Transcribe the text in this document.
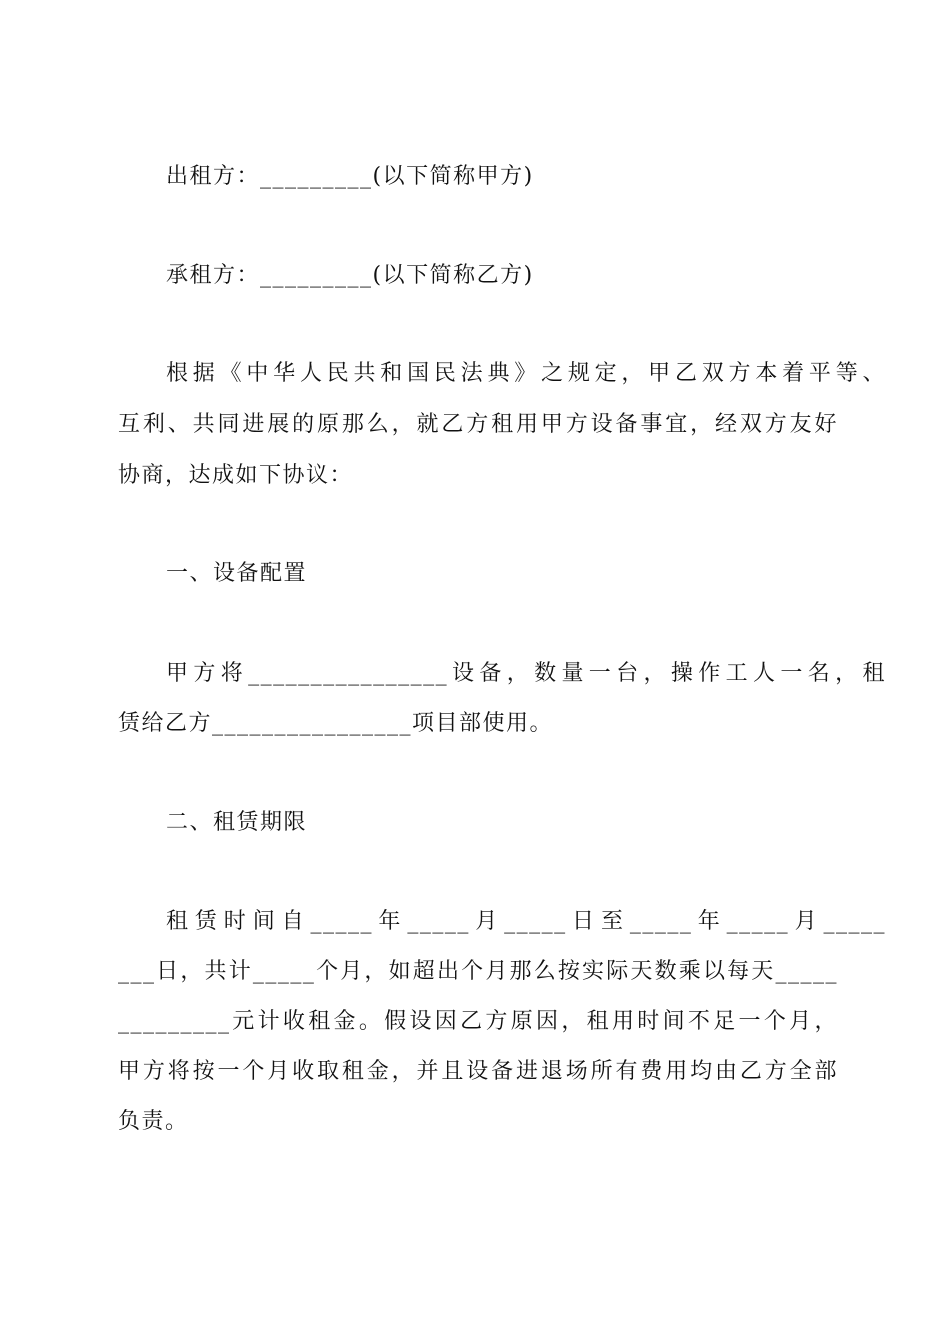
出租方：_________(以下简称甲方)
承租方：_________(以下简称乙方)
根据《中华人民共和国民法典》之规定，甲乙双方本着平等、
互利、共同进展的原那么，就乙方租用甲方设备事宜，经双方友好
协商，达成如下协议：
一、设备配置
甲方将________________设备，数量一台，操作工人一名，租
赁给乙方________________项目部使用。
二、租赁期限
租赁时间自_____年_____月_____日至_____年_____月_____
___日，共计_____个月，如超出个月那么按实际天数乘以每天_____
_________元计收租金。假设因乙方原因，租用时间不足一个月，
甲方将按一个月收取租金，并且设备进退场所有费用均由乙方全部
负责。
